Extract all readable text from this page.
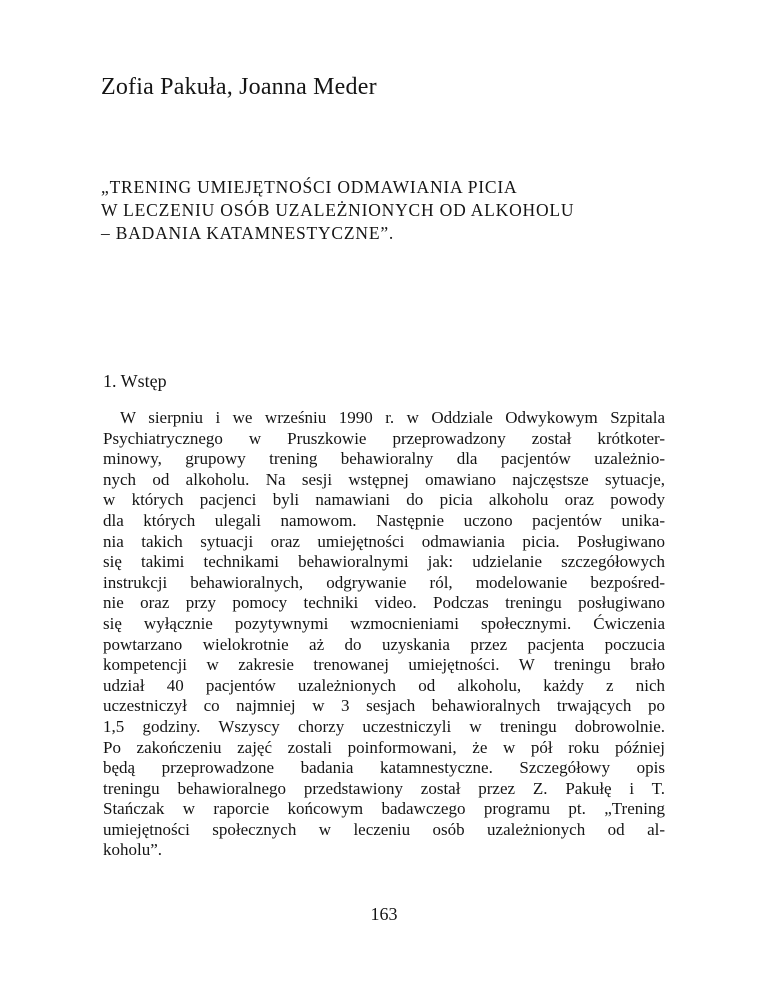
Zofia Pakuła, Joanna Meder
„TRENING UMIEJĘTNOŚCI ODMAWIANIA PICIA
W LECZENIU OSÓB UZALEŻNIONYCH OD ALKOHOLU
– BADANIA KATAMNESTYCZNE”.
1. Wstęp
W sierpniu i we wrześniu 1990 r. w Oddziale Odwykowym Szpitala
Psychiatrycznego w Pruszkowie przeprowadzony został krótkoter-
minowy, grupowy trening behawioralny dla pacjentów uzależnio-
nych od alkoholu. Na sesji wstępnej omawiano najczęstsze sytuacje,
w których pacjenci byli namawiani do picia alkoholu oraz powody
dla których ulegali namowom. Następnie uczono pacjentów unika-
nia takich sytuacji oraz umiejętności odmawiania picia. Posługiwano
się takimi technikami behawioralnymi jak: udzielanie szczegółowych
instrukcji behawioralnych, odgrywanie ról, modelowanie bezpośred-
nie oraz przy pomocy techniki video. Podczas treningu posługiwano
się wyłącznie pozytywnymi wzmocnieniami społecznymi. Ćwiczenia
powtarzano wielokrotnie aż do uzyskania przez pacjenta poczucia
kompetencji w zakresie trenowanej umiejętności. W treningu brało
udział 40 pacjentów uzależnionych od alkoholu, każdy z nich
uczestniczył co najmniej w 3 sesjach behawioralnych trwających po
1,5 godziny. Wszyscy chorzy uczestniczyli w treningu dobrowolnie.
Po zakończeniu zajęć zostali poinformowani, że w pół roku później
będą przeprowadzone badania katamnestyczne. Szczegółowy opis
treningu behawioralnego przedstawiony został przez Z. Pakułę i T.
Stańczak w raporcie końcowym badawczego programu pt. „Trening
umiejętności społecznych w leczeniu osób uzależnionych od al-
koholu”.
163
